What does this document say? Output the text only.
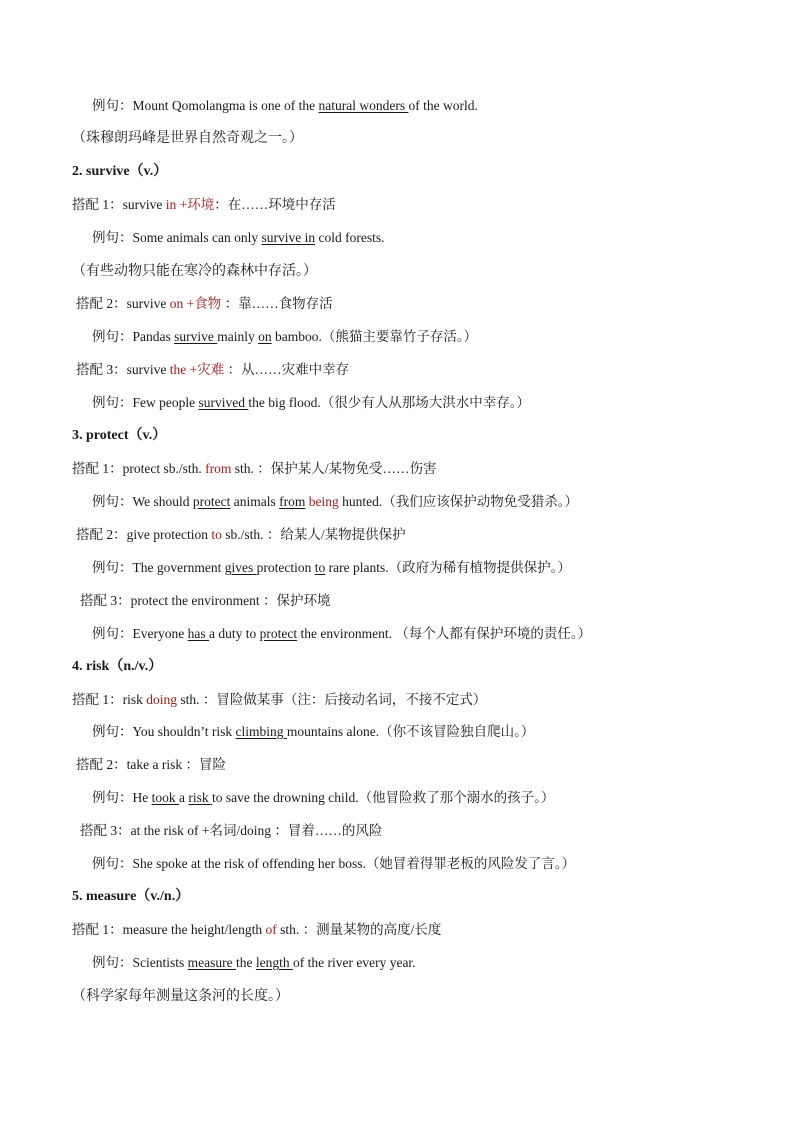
例句：Mount Qomolangma is one of the natural wonders of the world.
（珠穆朗玛峰是世界自然奇观之一。）
2. survive（v.）
搭配 1：survive in +环境：在……环境中存活
例句：Some animals can only survive in cold forests.
（有些动物只能在寒冷的森林中存活。）
搭配 2：survive on +食物 ：靠……食物存活
例句：Pandas survive mainly on bamboo.（熊猫主要靠竹子存活。）
搭配 3：survive the +灾难 ：从……灾难中幸存
例句：Few people survived the big flood.（很少有人从那场大洪水中幸存。）
3. protect（v.）
搭配 1：protect sb./sth. from sth. ：保护某人/某物免受……伤害
例句：We should protect animals from being hunted.（我们应该保护动物免受猎杀。）
搭配 2：give protection to sb./sth. ：给某人/某物提供保护
例句：The government gives protection to rare plants.（政府为稀有植物提供保护。）
搭配 3：protect the environment ：保护环境
例句：Everyone has a duty to protect the environment. （每个人都有保护环境的责任。）
4. risk（n./v.）
搭配 1：risk doing sth. ：冒险做某事（注：后接动名词，不接不定式）
例句：You shouldn’t risk climbing mountains alone.（你不该冒险独自爬山。）
搭配 2：take a risk ：冒险
例句：He took a risk to save the drowning child.（他冒险救了那个溺水的孩子。）
搭配 3：at the risk of +名词/doing ：冒着……的风险
例句：She spoke at the risk of offending her boss.（她冒着得罪老板的风险发了言。）
5. measure（v./n.）
搭配 1：measure the height/length of sth. ：测量某物的高度/长度
例句：Scientists measure the length of the river every year.
（科学家每年测量这条河的长度。）
